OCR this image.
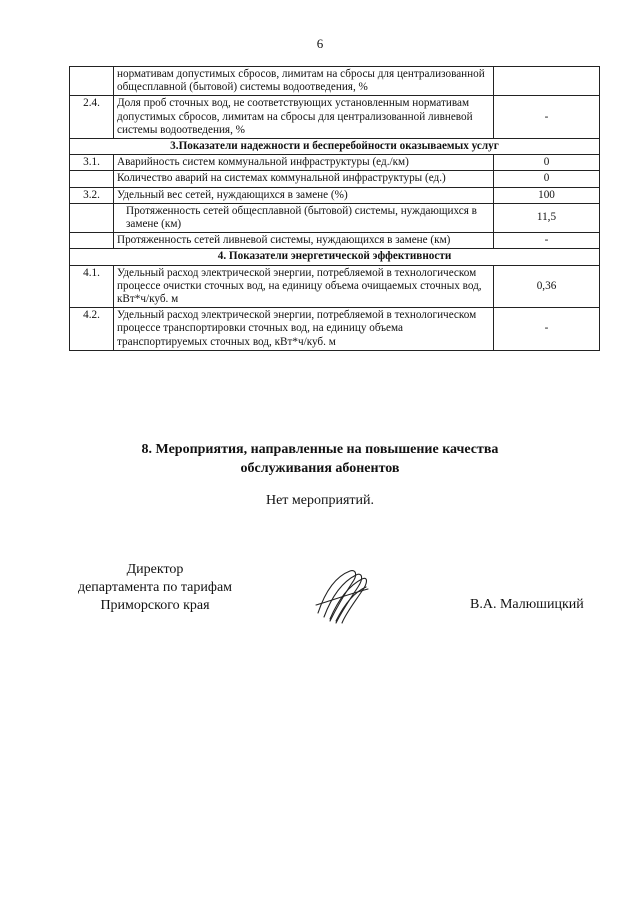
6
	нормативам допустимых сбросов, лимитам на сбросы для централизованной общесплавной (бытовой) системы водоотведения, %	
2.4.	Доля проб сточных вод, не соответствующих установленным нормативам допустимых сбросов, лимитам на сбросы для централизованной ливневой системы водоотведения, %	-
3.Показатели надежности и бесперебойности оказываемых услуг		
3.1.	Аварийность систем коммунальной инфраструктуры (ед./км)	0
	Количество аварий на системах коммунальной инфраструктуры (ед.)	0
3.2.	Удельный вес сетей, нуждающихся в замене (%)	100
	Протяженность сетей общесплавной (бытовой) системы, нуждающихся в замене (км)	11,5
	Протяженность сетей ливневой системы, нуждающихся в замене (км)	-
4. Показатели энергетической эффективности		
4.1.	Удельный расход электрической энергии, потребляемой в технологическом процессе очистки сточных вод, на единицу объема очищаемых сточных вод, кВт*ч/куб. м	0,36
4.2.	Удельный расход электрической энергии, потребляемой в технологическом процессе транспортировки сточных вод, на единицу объема транспортируемых сточных вод, кВт*ч/куб. м	-
8. Мероприятия, направленные на повышение качества
обслуживания абонентов
Нет мероприятий.
Директор
департамента по тарифам
Приморского края	В.А. Малюшицкий
